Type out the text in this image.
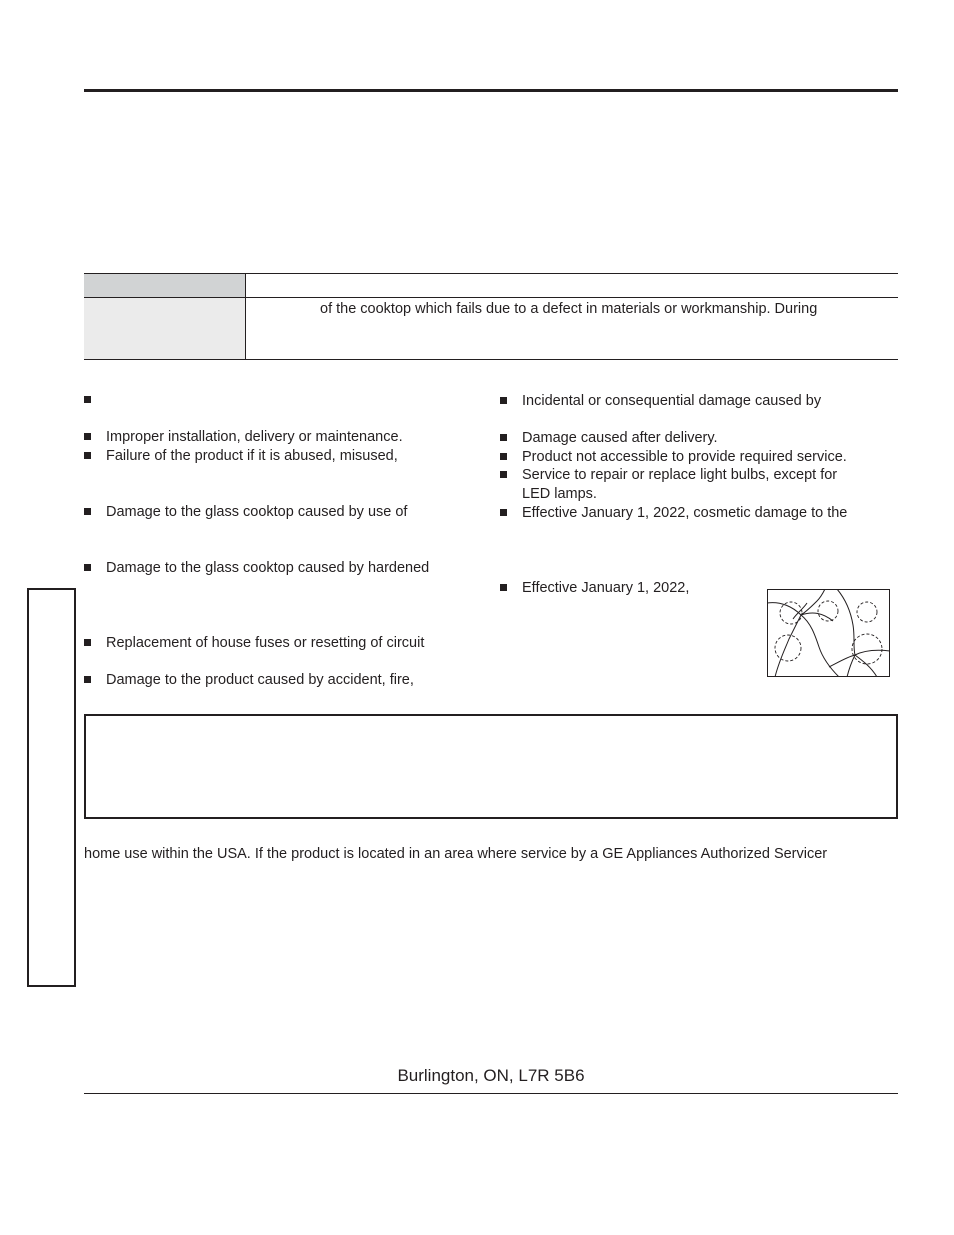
of the cooktop which fails due to a defect in materials or workmanship. During
Improper installation, delivery or maintenance.
Failure of the product if it is abused, misused,
Damage to the glass cooktop caused by use of
Damage to the glass cooktop caused by hardened
Replacement of house fuses or resetting of circuit
Damage to the product caused by accident, fire,
Incidental or consequential damage caused by
Damage caused after delivery.
Product not accessible to provide required service.
Service to repair or replace light bulbs, except for
LED lamps.
Effective January 1, 2022, cosmetic damage to the
Effective January 1, 2022,
home use within the USA. If the product is located in an area where service by a GE Appliances Authorized Servicer
Burlington, ON, L7R 5B6
